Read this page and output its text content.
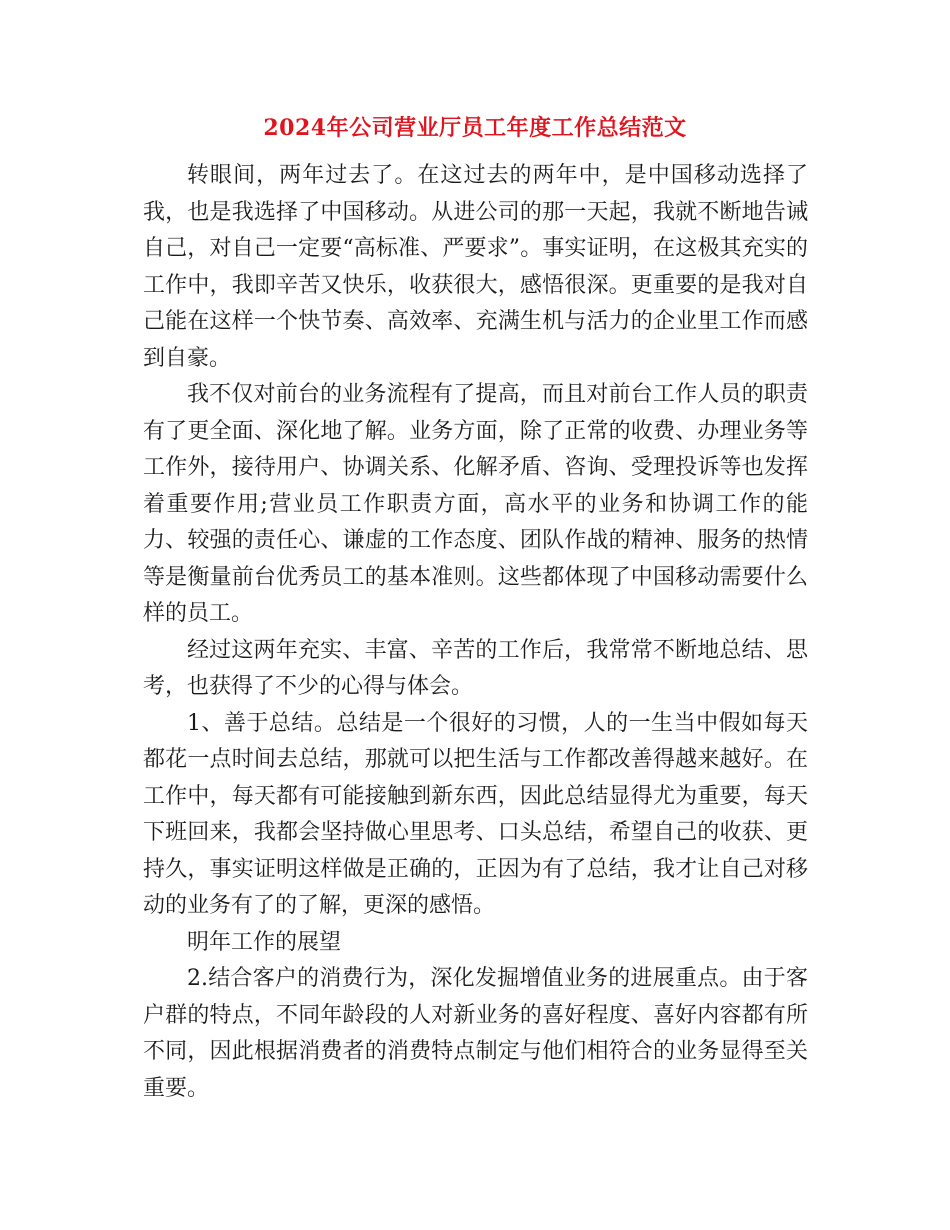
2024年公司营业厅员工年度工作总结范文

转眼间，两年过去了。在这过去的两年中，是中国移动选择了我，也是我选择了中国移动。从进公司的那一天起，我就不断地告诫自己，对自己一定要“高标准、严要求”。事实证明，在这极其充实的工作中，我即辛苦又快乐，收获很大，感悟很深。更重要的是我对自己能在这样一个快节奏、高效率、充满生机与活力的企业里工作而感到自豪。

我不仅对前台的业务流程有了提高，而且对前台工作人员的职责有了更全面、深化地了解。业务方面，除了正常的收费、办理业务等工作外，接待用户、协调关系、化解矛盾、咨询、受理投诉等也发挥着重要作用;营业员工作职责方面，高水平的业务和协调工作的能力、较强的责任心、谦虚的工作态度、团队作战的精神、服务的热情等是衡量前台优秀员工的基本准则。这些都体现了中国移动需要什么样的员工。

经过这两年充实、丰富、辛苦的工作后，我常常不断地总结、思考，也获得了不少的心得与体会。

1、善于总结。总结是一个很好的习惯，人的一生当中假如每天都花一点时间去总结，那就可以把生活与工作都改善得越来越好。在工作中，每天都有可能接触到新东西，因此总结显得尤为重要，每天下班回来，我都会坚持做心里思考、口头总结，希望自己的收获、更持久，事实证明这样做是正确的，正因为有了总结，我才让自己对移动的业务有了的了解，更深的感悟。

明年工作的展望

2.结合客户的消费行为，深化发掘增值业务的进展重点。由于客户群的特点，不同年龄段的人对新业务的喜好程度、喜好内容都有所不同，因此根据消费者的消费特点制定与他们相符合的业务显得至关重要。
